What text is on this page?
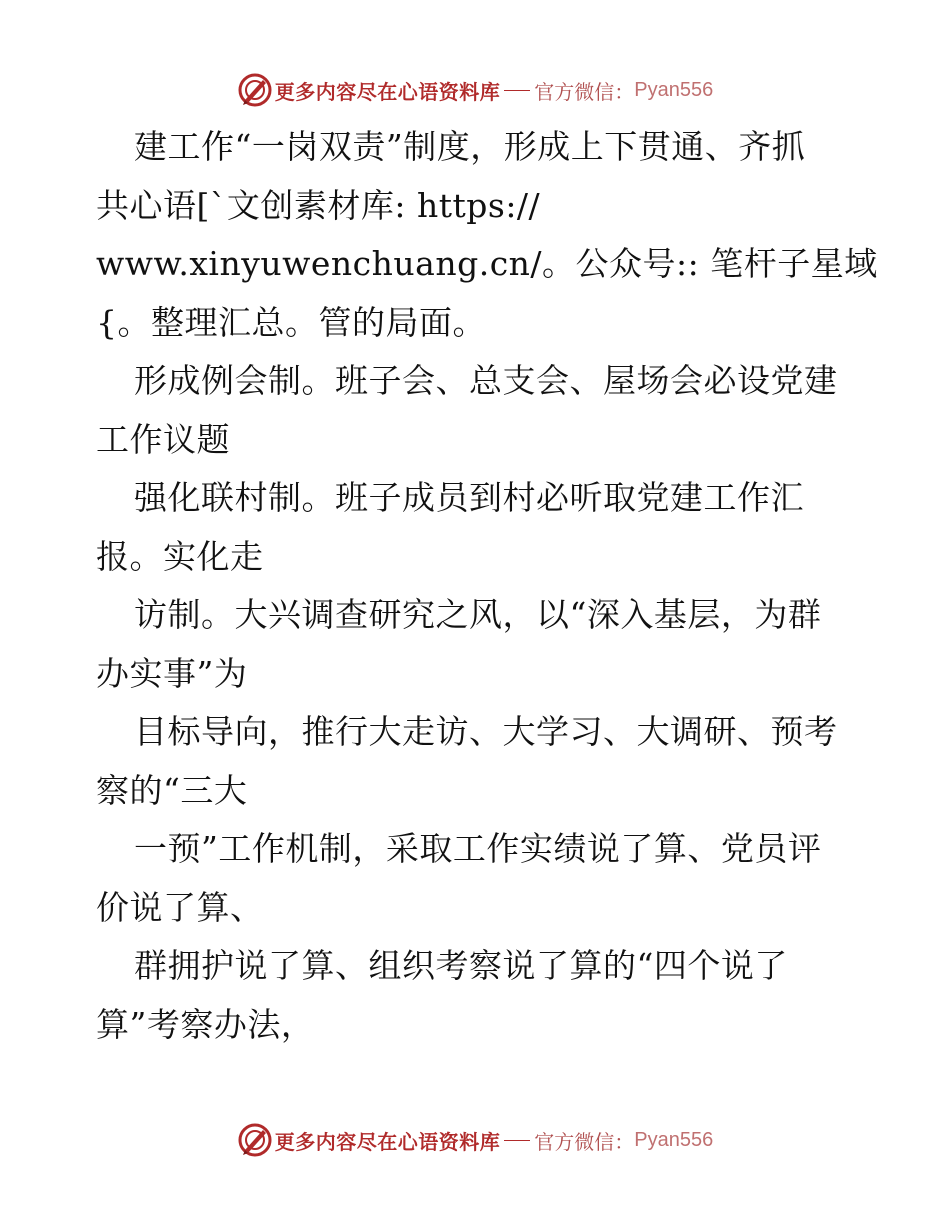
更多内容尽在心语资料库 官方微信： Pyan556
建工作“一岗双责”制度，形成上下贯通、齐抓
共心语[`文创素材库: https://
www.xinyuwenchuang.cn/。公众号:: 笔杆子星域
{。整理汇总。管的局面。
形成例会制。班子会、总支会、屋场会必设党建
工作议题
强化联村制。班子成员到村必听取党建工作汇
报。实化走
访制。大兴调查研究之风，以“深入基层，为群
办实事”为
目标导向，推行大走访、大学习、大调研、预考
察的“三大
一预”工作机制，采取工作实绩说了算、党员评
价说了算、
群拥护说了算、组织考察说了算的“四个说了
算”考察办法，
更多内容尽在心语资料库 官方微信： Pyan556
